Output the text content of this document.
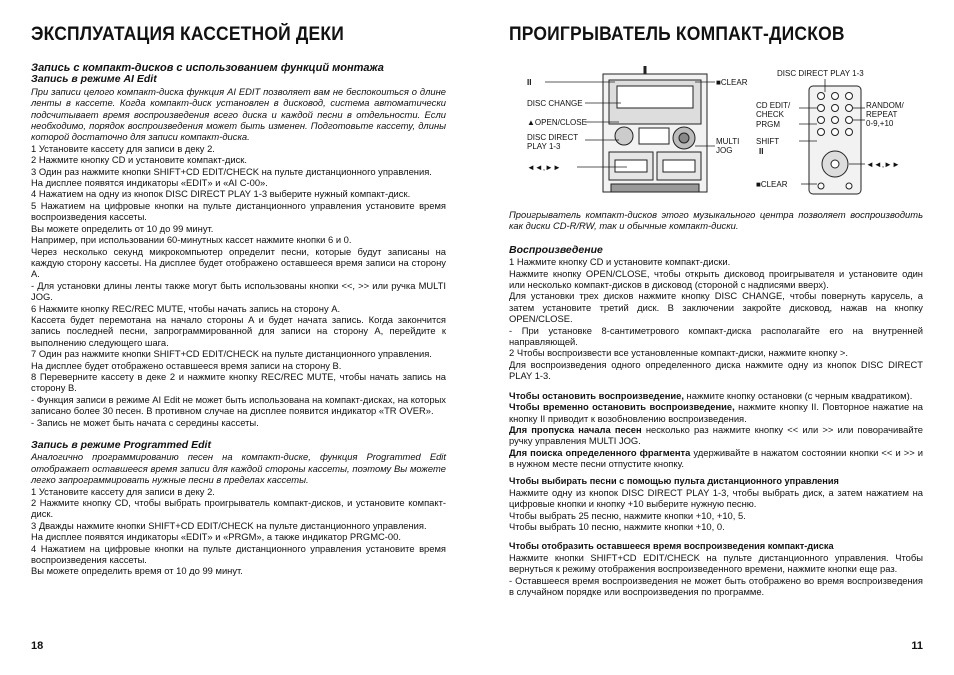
ЭКСПЛУАТАЦИЯ КАССЕТНОЙ ДЕКИ

Запись с компакт-дисков с использованием функций монтажа

Запись в режиме AI Edit

При записи целого компакт-диска функция AI EDIT позволяет вам не беспокоиться о длине ленты в кассете. Когда компакт-диск установлен в дисковод, система автоматически подсчитывает время воспроизведения всего диска и каждой песни в отдельности. Если необходимо, порядок воспроизведения может быть изменен. Подготовьте кассету, длины которой достаточно для записи компакт-диска.

1 Установите кассету для записи в деку 2.

2 Нажмите кнопку CD и установите компакт-диск.

3 Один раз нажмите кнопки SHIFT+CD EDIT/CHECK на пульте дистанционного управления.

На дисплее появятся индикаторы «EDIT» и «AI C-00».

4 Нажатием на одну из кнопок DISC DIRECT PLAY 1-3 выберите нужный компакт-диск.

5 Нажатием на цифровые кнопки на пульте дистанционного управления установите время воспроизведения кассеты.

Вы можете определить от 10 до 99 минут.

Например, при использовании 60-минутных кассет нажмите кнопки 6 и 0.

Через несколько секунд микрокомпьютер определит песни, которые будут записаны на каждую сторону кассеты. На дисплее будет отображено оставшееся время записи на сторону A.

- Для установки длины ленты также могут быть использованы кнопки <<, >> или ручка MULTI JOG.

6 Нажмите кнопку REC/REC MUTE, чтобы начать запись на сторону A.

Кассета будет перемотана на начало стороны A и будет начата запись. Когда закончится запись последней песни, запрограммированной для записи на сторону A, перейдите к выполнению следующего шага.

7 Один раз нажмите кнопки SHIFT+CD EDIT/CHECK на пульте дистанционного управления.

На дисплее будет отображено оставшееся время записи на сторону B.

8 Переверните кассету в деке 2 и нажмите кнопку REC/REC MUTE, чтобы начать запись на сторону B.

- Функция записи в режиме AI Edit не может быть использована на компакт-дисках, на которых записано более 30 песен. В противном случае на дисплее появится индикатор «TR OVER».

- Запись не может быть начата с середины кассеты.

Запись в режиме Programmed Edit

Аналогично программированию песен на компакт-диске, функция Programmed Edit отображает оставшееся время записи для каждой стороны кассеты, поэтому Вы можете легко запрограммировать нужные песни в пределах кассеты.

1 Установите кассету для записи в деку 2.

2 Нажмите кнопку CD, чтобы выбрать проигрыватель компакт-дисков, и установите компакт-диск.

3 Дважды нажмите кнопки SHIFT+CD EDIT/CHECK на пульте дистанционного управления.

На дисплее появятся индикаторы «EDIT» и «PRGM», а также индикатор PRGMC-00.

4 Нажатием на цифровые кнопки на пульте дистанционного управления установите время воспроизведения кассеты.

Вы можете определить время от 10 до 99 минут.

18
ПРОИГРЫВАТЕЛЬ КОМПАКТ-ДИСКОВ
II
DISC CHANGE
▲OPEN/CLOSE
DISC DIRECT
PLAY 1-3
◄◄,►►
■CLEAR
MULTI
JOG
DISC DIRECT PLAY 1-3
CD EDIT/
CHECK
PRGM
SHIFT
RANDOM/
REPEAT
0-9,+10
II
◄◄,►►
■CLEAR

Проигрыватель компакт-дисков этого музыкального центра позволяет воспроизводить как диски CD-R/RW, так и обычные компакт-диски.

Воспроизведение

1 Нажмите кнопку CD и установите компакт-диски.

Нажмите кнопку OPEN/CLOSE, чтобы открыть дисковод проигрывателя и установите один или несколько компакт-дисков в дисковод (стороной с надписями вверх).

Для установки трех дисков нажмите кнопку DISC CHANGE, чтобы повернуть карусель, а затем установите третий диск. В заключении закройте дисковод, нажав на кнопку OPEN/CLOSE.

- При установке 8-сантиметрового компакт-диска располагайте его на внутренней направляющей.

2 Чтобы воспроизвести все установленные компакт-диски, нажмите кнопку >.

Для воспроизведения одного определенного диска нажмите одну из кнопок DISC DIRECT PLAY 1-3.

Чтобы остановить воспроизведение, нажмите кнопку остановки (с черным квадратиком).

Чтобы временно остановить воспроизведение, нажмите кнопку II. Повторное нажатие на кнопку II приводит к возобновлению воспроизведения.

Для пропуска начала песен несколько раз нажмите кнопку << или >> или поворачивайте ручку управления MULTI JOG.

Для поиска определенного фрагмента удерживайте в нажатом состоянии кнопки << и >> и в нужном месте песни отпустите кнопку.

Чтобы выбирать песни с помощью пульта дистанционного управления

Нажмите одну из кнопок DISC DIRECT PLAY 1-3, чтобы выбрать диск, а затем нажатием на цифровые кнопки и кнопку +10 выберите нужную песню.

Чтобы выбрать 25 песню, нажмите кнопки +10, +10, 5.

Чтобы выбрать 10 песню, нажмите кнопки +10, 0.

Чтобы отобразить оставшееся время воспроизведения компакт-диска

Нажмите кнопки SHIFT+CD EDIT/CHECK на пульте дистанционного управления. Чтобы вернуться к режиму отображения воспроизведенного времени, нажмите кнопки еще раз.

- Оставшееся время воспроизведения не может быть отображено во время воспроизведения в случайном порядке или воспроизведения по программе.

11
